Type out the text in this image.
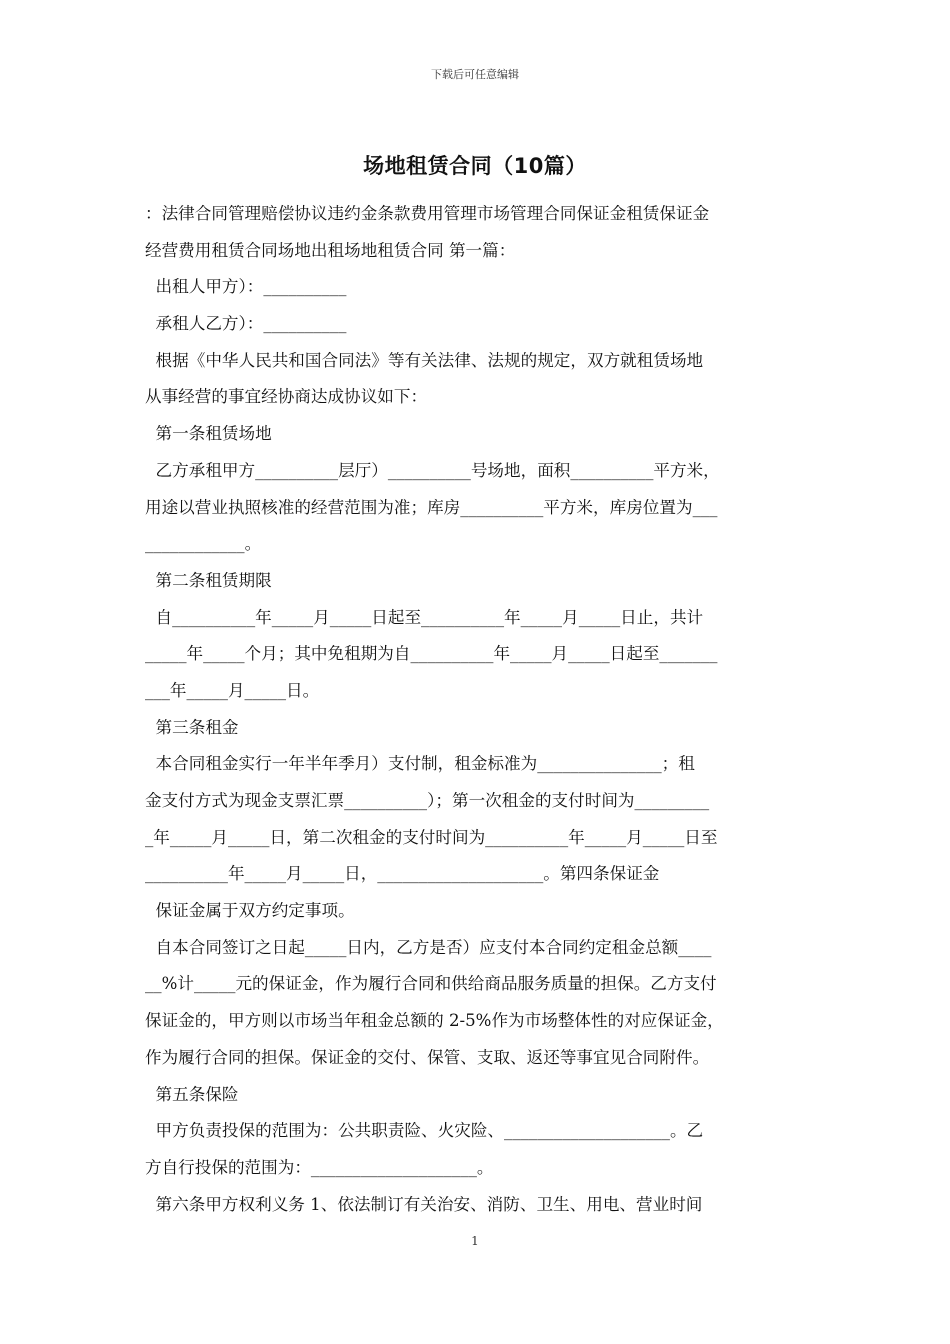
下载后可任意编辑
场地租赁合同（10篇）
：法律合同管理赔偿协议违约金条款费用管理市场管理合同保证金租赁保证金
经营费用租赁合同场地出租场地租赁合同 第一篇：
出租人甲方）：__________
承租人乙方）：__________
根据《中华人民共和国合同法》等有关法律、法规的规定，双方就租赁场地
从事经营的事宜经协商达成协议如下：
第一条租赁场地
乙方承租甲方__________层厅）__________号场地，面积__________平方米，
用途以营业执照核准的经营范围为准；库房__________平方米，库房位置为___
____________。
第二条租赁期限
自__________年_____月_____日起至__________年_____月_____日止，共计
_____年_____个月；其中免租期为自__________年_____月_____日起至_______
___年_____月_____日。
第三条租金
本合同租金实行一年半年季月）支付制，租金标准为_______________；租
金支付方式为现金支票汇票__________）；第一次租金的支付时间为_________
_年_____月_____日，第二次租金的支付时间为__________年_____月_____日至
__________年_____月_____日，____________________。第四条保证金
保证金属于双方约定事项。
自本合同签订之日起_____日内，乙方是否）应支付本合同约定租金总额____
__%计_____元的保证金，作为履行合同和供给商品服务质量的担保。乙方支付
保证金的，甲方则以市场当年租金总额的 2-5%作为市场整体性的对应保证金，
作为履行合同的担保。保证金的交付、保管、支取、返还等事宜见合同附件。
第五条保险
甲方负责投保的范围为：公共职责险、火灾险、____________________。乙
方自行投保的范围为：____________________。
第六条甲方权利义务 1、依法制订有关治安、消防、卫生、用电、营业时间
1
